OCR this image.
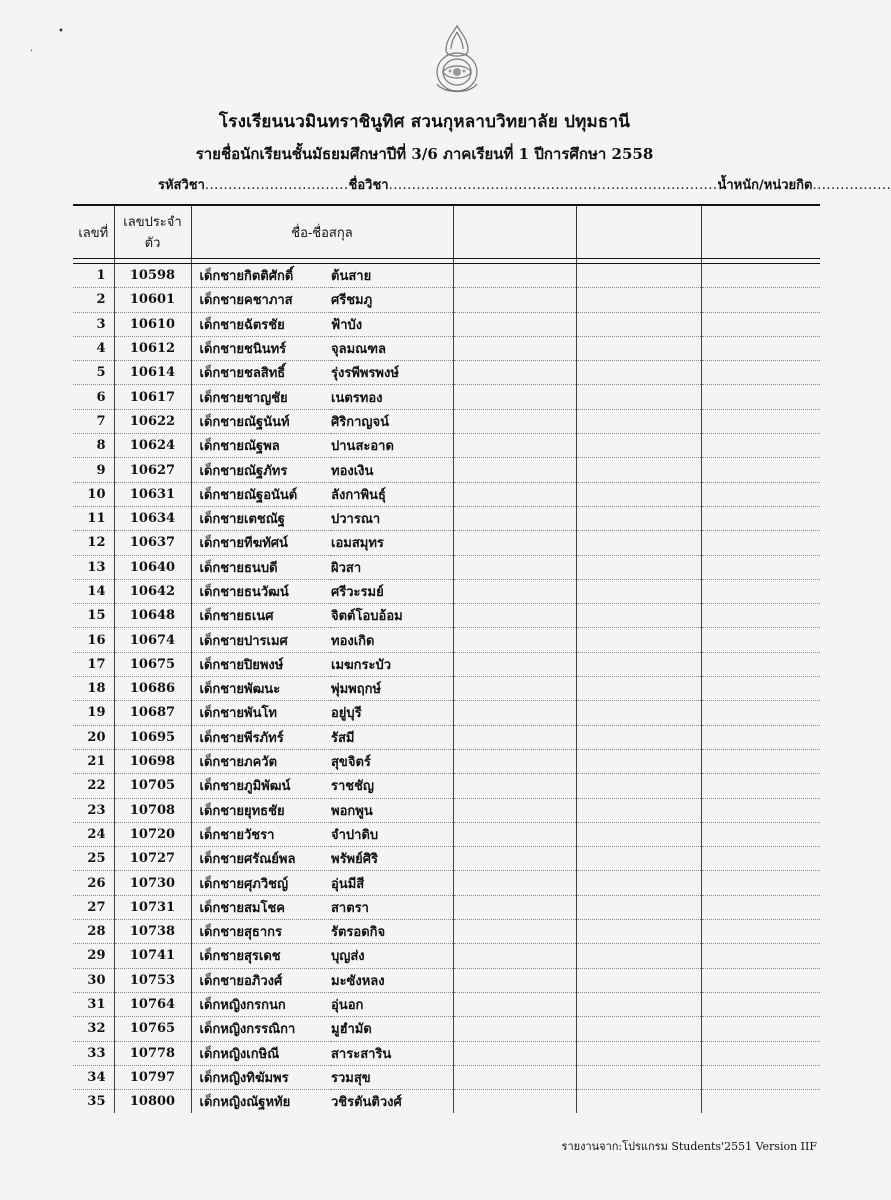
•
·
โรงเรียนนวมินทราชินูทิศ สวนกุหลาบวิทยาลัย ปทุมธานี
รายชื่อนักเรียนชั้นมัธยมศึกษาปีที่ 3/6 ภาคเรียนที่ 1 ปีการศึกษา 2558
รหัสวิชา...............................ชื่อวิชา.......................................................................น้ำหนัก/หน่วยกิต.................
เลขที่	เลขประจำตัว	ชื่อ-ชื่อสกุล				

1	10598	เด็กชายกิตติศักดิ์	ต้นสาย			
2	10601	เด็กชายคชาภาส	ศรีชมภู			
3	10610	เด็กชายฉัตรชัย	ฟ้าบัง			
4	10612	เด็กชายชนินทร์	จุลมณฑล			
5	10614	เด็กชายชลสิทธิ์	รุ่งรพีพรพงษ์			
6	10617	เด็กชายชาญชัย	เนตรทอง			
7	10622	เด็กชายณัฐนันท์	ศิริกาญจน์			
8	10624	เด็กชายณัฐพล	ปานสะอาด			
9	10627	เด็กชายณัฐภัทร	ทองเงิน			
10	10631	เด็กชายณัฐอนันต์	ลังกาพินธุ์			
11	10634	เด็กชายเตชณัฐ	ปวารณา			
12	10637	เด็กชายทีฆทัศน์	เอมสมุทร			
13	10640	เด็กชายธนบดี	ผิวสา			
14	10642	เด็กชายธนวัฒน์	ศรีวะรมย์			
15	10648	เด็กชายธเนศ	จิตต์โอบอ้อม			
16	10674	เด็กชายปารเมศ	ทองเกิด			
17	10675	เด็กชายปิยพงษ์	เมฆกระบัว			
18	10686	เด็กชายพัฒนะ	พุ่มพฤกษ์			
19	10687	เด็กชายพันโท	อยู่บุรี			
20	10695	เด็กชายพีรภัทร์	รัสมี			
21	10698	เด็กชายภควัต	สุขจิตร์			
22	10705	เด็กชายภูมิพัฒน์	ราชชัญ			
23	10708	เด็กชายยุทธชัย	พอกพูน			
24	10720	เด็กชายวัชรา	จำปาดิบ			
25	10727	เด็กชายศรัณย์พล	พรัพย์ศิริ			
26	10730	เด็กชายศุภวิชญ์	อุ่นมีสี			
27	10731	เด็กชายสมโชค	สาตรา			
28	10738	เด็กชายสุธากร	รัตรอดกิจ			
29	10741	เด็กชายสุรเดช	บุญส่ง			
30	10753	เด็กชายอภิวงศ์	มะซังหลง			
31	10764	เด็กหญิงกรกนก	อุ่นอก			
32	10765	เด็กหญิงกรรณิกา	มูฮำมัด			
33	10778	เด็กหญิงเกษิณี	สาระสาริน			
34	10797	เด็กหญิงทิฆัมพร	รวมสุข			
35	10800	เด็กหญิงณัฐหทัย	วชิรตันติวงศ์			
รายงานจาก:โปรแกรม Students'2551 Version IIF
